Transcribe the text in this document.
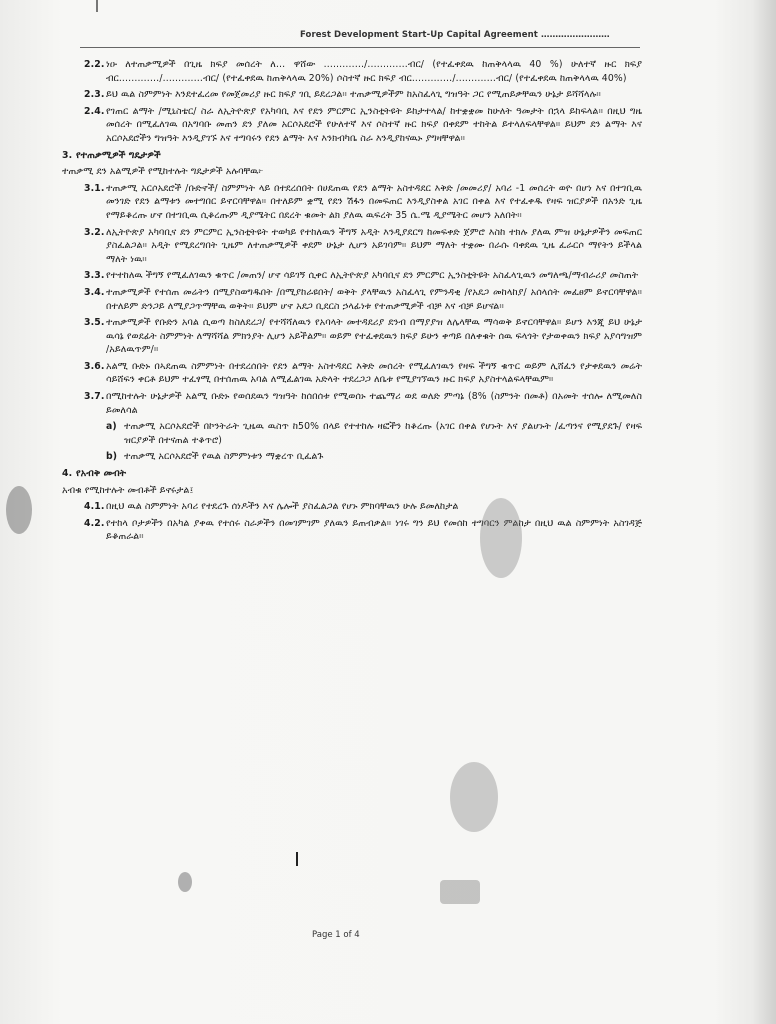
Forest Development Start-Up Capital Agreement ……………………
2.2. ነዑ ለተጠቃሚዎች በጊዜ ክፍያ መሰረት ለ… ዋሸው ..........…/..........…ብር/ (የተፈቀደዉ ከጠቅላላዉ 40 %) ሁለተኛ ዙር ክፍያ ብር..........…/..........…ብር/ (የተፈቀደዉ ከጠቅላላዉ 20%) ሶስተኛ ዙር ክፍያ ብር..........…/..........…ብር/ (የተፈቀደዉ ከጠቅላላዉ 40%)
2.3. ይህ ዉል ስምምነት እንደተፈረመ የመጀመሪያ ዙር ክፍያ ገቢ ይደረጋል። ተጠቃሚዎችም ከአስፈላጊ ግዝዓት ጋር የሚጠይቃቸዉን ሁኔታ ይሻሻላሉ።
2.4. የገጠር ልማት /ሚኒስቴር/ ስራ ለኢትዮጵያ የአካባቢ እና የደን ምርምር ኢንስቲትዩት ይከታተላል/ ከተቋቋመ ከሁለት ዓመታት በኋላ ይከፍላል። በዚህ ግዜ መሰረት በሚፈለገዉ በአግባቡ መጠን ደን ያለመ አርሶአደሮች የሁለተኛ እና ሶስተኛ ዙር ክፍያ በቀደም ተከትል ይተላለፍላቸዋል። ይህም ደን ልማት እና አርሶአደሮችን ግዝዓት እንዲያገኙ እና ተግባሩን የደን ልማት እና እንክብካቤ ስራ እንዲያከናዉኑ ያግዛቸዋል።
3. የተጠቃሚዎች ግዴታዎች
ተጠቃሚ ደን አልሚዎች የሚከተሉት ግዴታዎች አሉባቸዉ፦
3.1. ተጠቃሚ አርሶአደሮች /ቡድኖች/ ስምምነት ላይ በተደረሰበት በሀደጠዉ የደን ልማት አስተዳደር እቅድ /መመሪያ/ አባሪ -1 መሰረት ወዮ በሆነ እና በተገቢዉ መንገድ የደን ልማቱን መተግበር ይኖርባቸዋል። በተለይም ቋሚ የደን ሽፋን በመፍጠር እንዲያስቀል አገር በቀል እና የተፈቀዱ የዛፍ ዝርያዎች በአንድ ጊዜ የማይቆረጡ ሆኖ በተገቢዉ ሲቆረጡም ዲያሜትር በደረት ቁመት ልክ ያለዉ ዉፍረት 35 ሴ.ሜ ዲያሜትር መሆን አለበት።
3.2. ለኢትዮጵያ አካባቢና ደን ምርምር ኢንስቲትዩት ተወካይ የተከለዉን ችግኝ አዲት እንዲያደርግ ከመፍቀድ ጀምሮ እስከ ተክሉ ያለዉ ምዝ ሁኔታዎችን መፍጠር ያስፈልጋል። አዲት የሚደረግበት ጊዜም ለተጠቃሚዎች ቀደም ሁኔታ ሊሆን አይገባም። ይህም ማለት ተቋሙ በራሱ ባቀደዉ ጊዜ ፈራርሶ ማየትን ይችላል ማለት ነዉ።
3.3. የተተከለዉ ችግኝ የሚፈለገዉን ቁጥር /መጠን/ ሆኖ ሳይገኝ ሲቀር ለኢትዮጵያ አካባቢና ደን ምርምር ኢንስቲትዩት አስፈላጊዉን መግለጫ/ማብራሪያ መስጠት
3.4. ተጠቃሚዎች የተሰጠ መሬትን በሚያስወግዱበት /በሚያከራዩበት/ ወቅት ያላቸዉን አስፈላጊ የምንዳቂ /የአደጋ መከላከያ/ አሰላሰት መፈፀም ይኖርባቸዋል። በተለይም ድንጋይ ለሚያጋጥማቸዉ ወቅት። ይህም ሆኖ አደጋ ቢደርስ ኃላፊነቱ የተጠቃሚዎች ብቻ እና ብቻ ይሆናል።
3.5. ተጠቃሚዎች የቡድን አባል ሲወጣ ከስለደረጋ/ የተሻሻለዉን የአባላት መተዳደሪያ ደንብ በማያያዝ ለሌላቸዉ ማሳወቅ ይኖርባቸዋል። ይሆን እንጂ ይህ ሁኔታ ዉሳኔ የወደፊት ስምምነት ለማሻሻል ምክንያት ሊሆን አይችልም። ወይም የተፈቀደዉን ክፍያ ይሁን ቀጣይ በለቀቁት ሰዉ ፍላጎት የታወቀዉን ክፍያ አያሳግዝም /አይለዉጥም/።
3.6. አልሚ ቡድኑ በኣደጠዉ ስምምነት በተደረሰበት የደን ልማት አስተዳደር እቅድ መሰረት የሚፈለገዉን የዛፍ ችግኝ ቁጥር ወይም ሊሸፈን የታቀደዉን መሬት ሳይሸፍን ቀርቶ ይህም ተፈፃሚ በተሰጠዉ አባል ለሚፈልገዉ አድላት ተደረጋጋ ለቤቱ የሚያገኘዉን ዙር ክፍያ አያስተላልፍላቸዉም።
3.7. በሚከተሉት ሁኔታዎች አልሚ ቡድኑ የወሰደዉን ግዝዓት ከሰበሰቱ የሚወሰኑ ተጨማሪ ወደ ወለድ ምጣኔ (8% (ስምንት በመቶ) በአመት ተሰሎ ለሚመለስ ይመለሳል
a) ተጠቃሚ አርሶአደሮች በኮንትራት ጊዜዉ ዉስጥ ከ50% በላይ የተተከሉ ዛፎችን ከቆረጡ (አገር በቀል የሆኑት እና ያልሆኑት /ፈጣንና የሚያደጉ/ የዛፍ ዝርያዎች በተናጠል ተቆጥሮ)
b) ተጠቃሚ አርሶአደሮች የዉል ስምምነቱን ማቋረጥ ቢፈልጉ
4. የአብቅ መብት
አብቁ የሚከተሉት መብቶች ይኖሩታል፤
4.1. በዚህ ዉል ስምምነት አባሪ የተደረጉ ሰነዶችን እና ሌሎች ያስፈልጋል የሆኑ ምክባቸዉን ሁሉ ይመለከታል
4.2. የተከላ ቦታዎችን በአካል ያቀዉ የተሰሩ ስራዎችን በመገምገም ያለዉን ይጠብቃል። ነገሩ ግን ይህ የመሰከ ተግባርን ምልከታ በዚህ ዉል ስምምነት አስገዳጅ ይቆጠራል።
Page 1 of 4
